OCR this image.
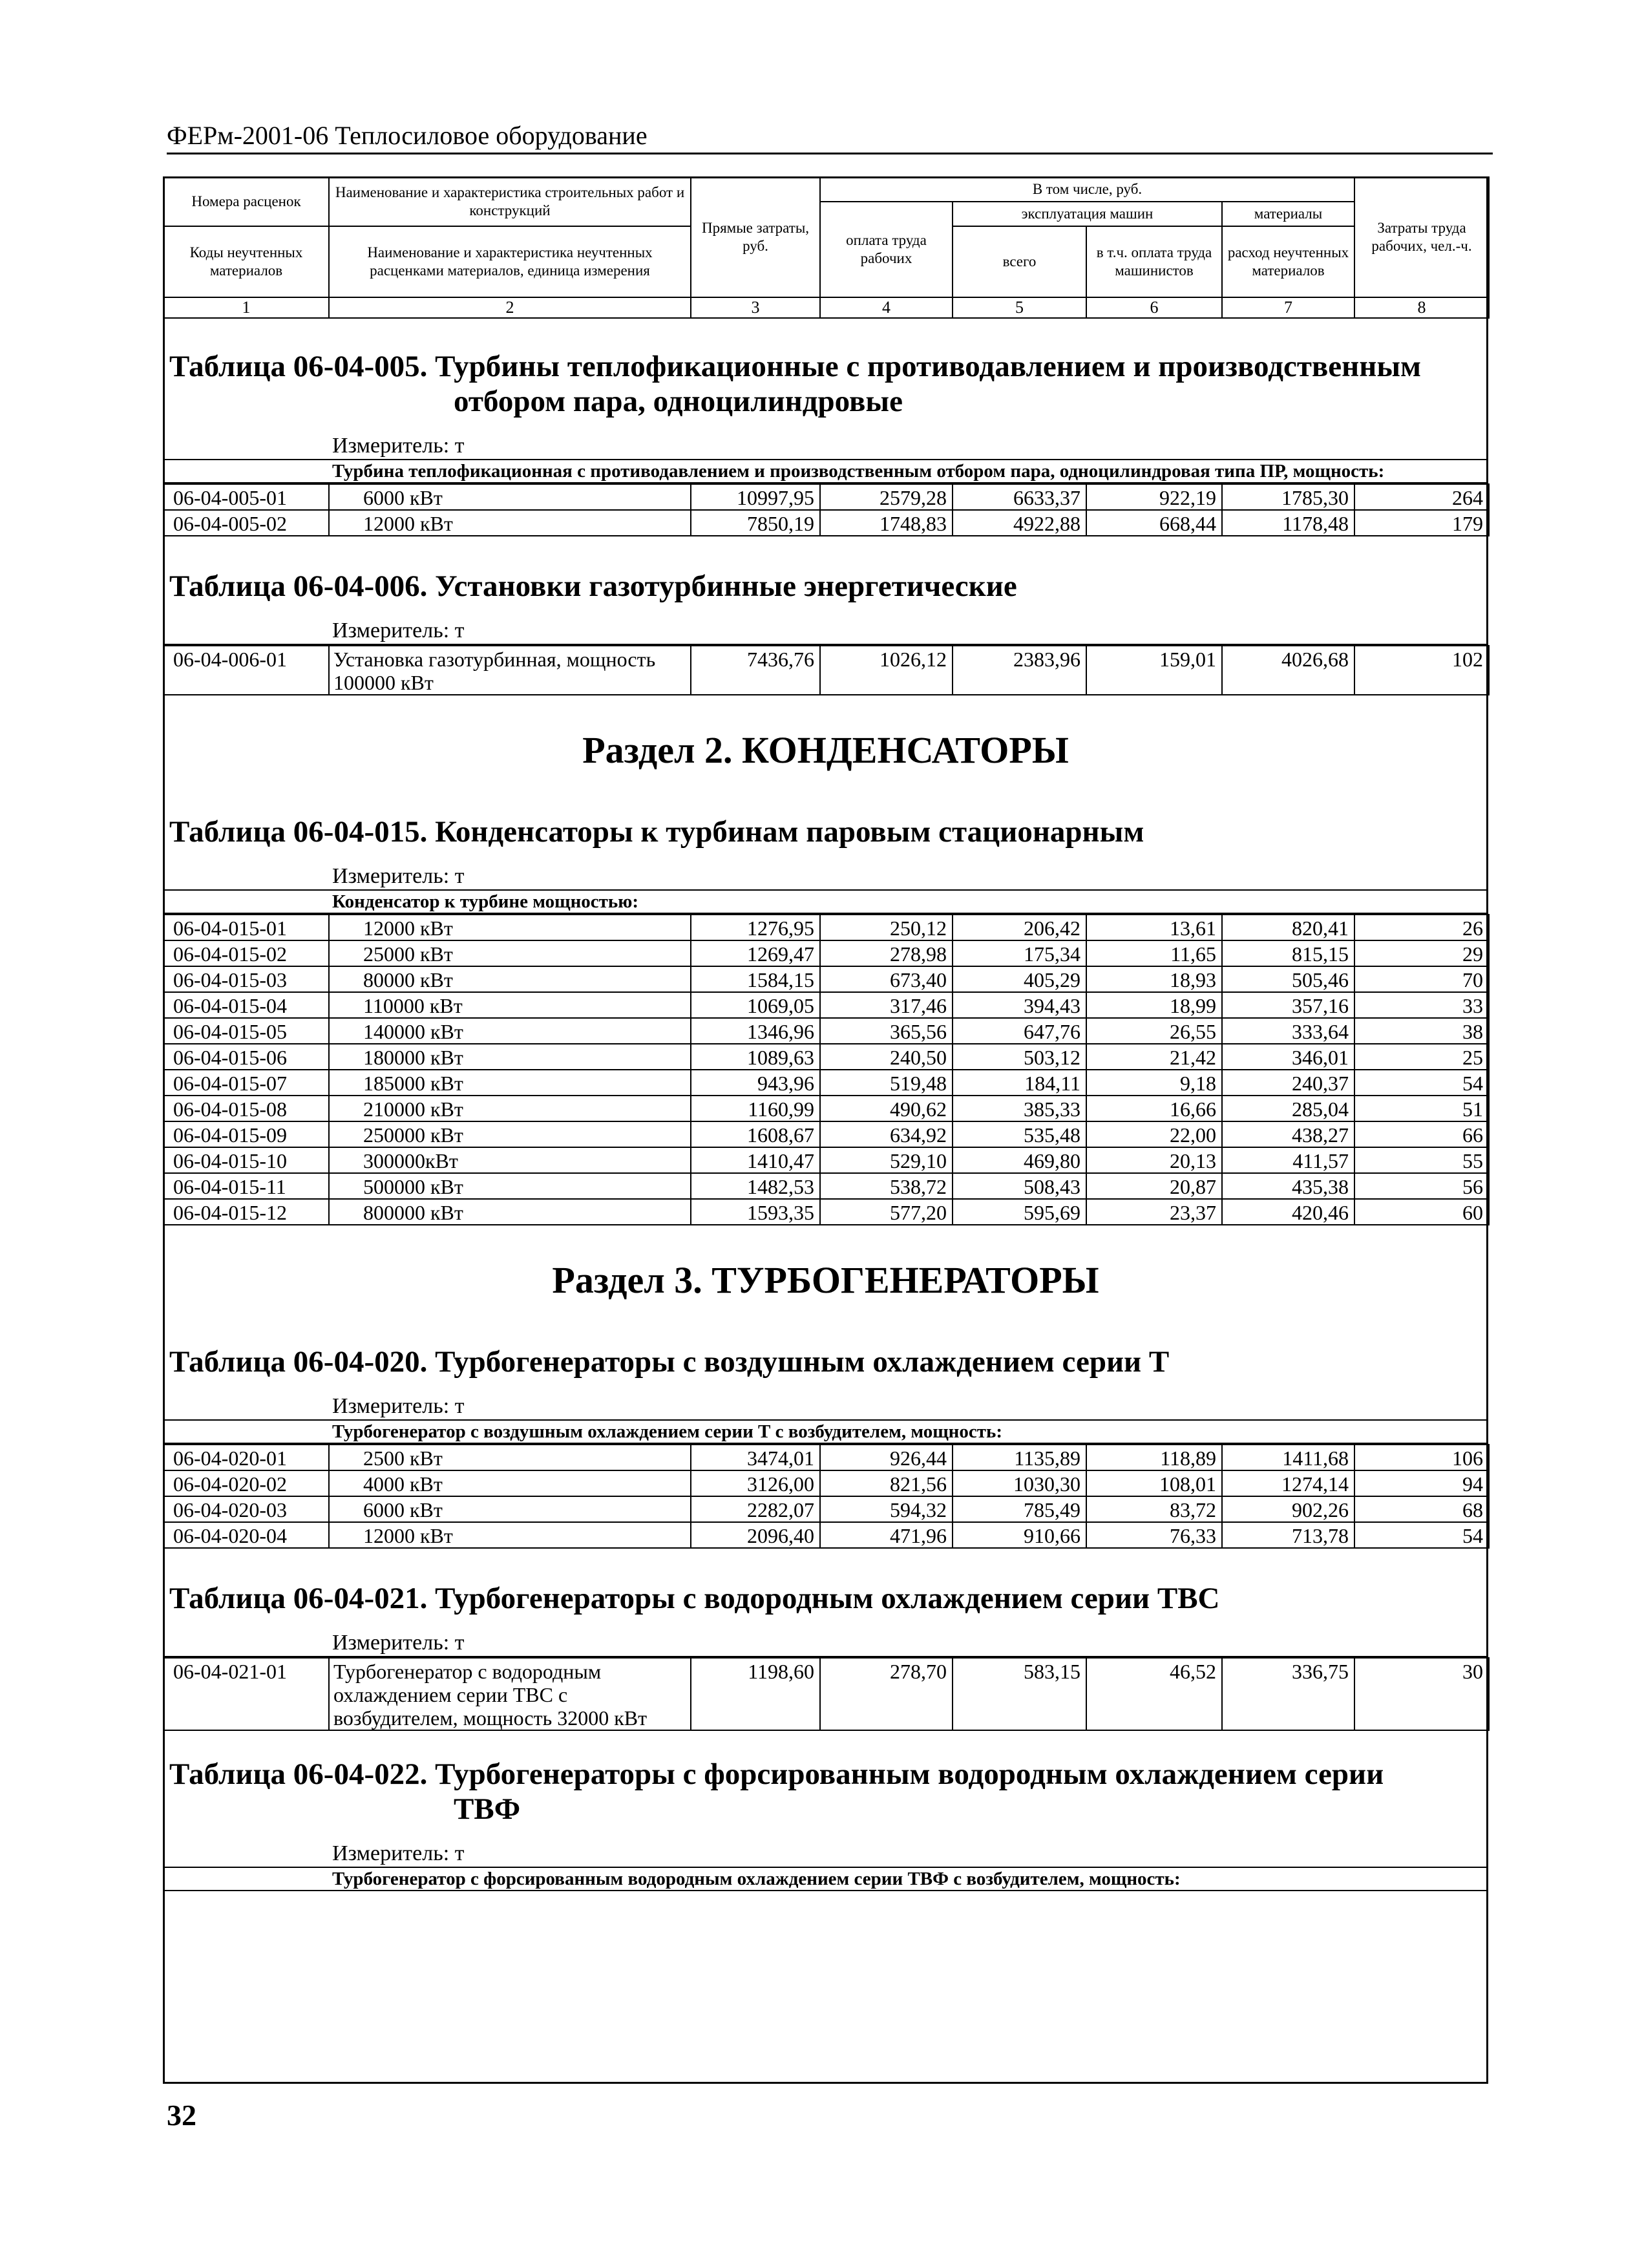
ФЕРм-2001-06 Теплосиловое оборудование
Номера расценок	Наименование и характеристика строительных работ и конструкций	Прямые затраты, руб.	В том числе, руб.				Затраты труда рабочих, чел.-ч.
			оплата труда рабочих	эксплуатация машин		материалы	
Коды неучтенных материалов	Наименование и характеристика неучтенных расценками материалов, единица измерения			всего	в т.ч. оплата труда машинистов	расход неучтенных материалов	

1	2	3	4	5	6	7	8
Таблица 06-04-005. Турбины теплофикационные с противодавлением и производственным
отбором пара, одноцилиндровые
Измеритель: т
Турбина теплофикационная с противодавлением и производственным отбором пара, одноцилиндровая типа ПР, мощность:
06-04-005-01	6000 кВт	10997,95	2579,28	6633,37	922,19	1785,30	264
06-04-005-02	12000 кВт	7850,19	1748,83	4922,88	668,44	1178,48	179
Таблица 06-04-006. Установки газотурбинные энергетические
Измеритель: т
06-04-006-01	Установка газотурбинная, мощность 100000 кВт	7436,76	1026,12	2383,96	159,01	4026,68	102
Раздел 2. КОНДЕНСАТОРЫ
Таблица 06-04-015. Конденсаторы к турбинам паровым стационарным
Измеритель: т
Конденсатор к турбине мощностью:
06-04-015-01	12000 кВт	1276,95	250,12	206,42	13,61	820,41	26
06-04-015-02	25000 кВт	1269,47	278,98	175,34	11,65	815,15	29
06-04-015-03	80000 кВт	1584,15	673,40	405,29	18,93	505,46	70
06-04-015-04	110000 кВт	1069,05	317,46	394,43	18,99	357,16	33
06-04-015-05	140000 кВт	1346,96	365,56	647,76	26,55	333,64	38
06-04-015-06	180000 кВт	1089,63	240,50	503,12	21,42	346,01	25
06-04-015-07	185000 кВт	943,96	519,48	184,11	9,18	240,37	54
06-04-015-08	210000 кВт	1160,99	490,62	385,33	16,66	285,04	51
06-04-015-09	250000 кВт	1608,67	634,92	535,48	22,00	438,27	66
06-04-015-10	300000кВт	1410,47	529,10	469,80	20,13	411,57	55
06-04-015-11	500000 кВт	1482,53	538,72	508,43	20,87	435,38	56
06-04-015-12	800000 кВт	1593,35	577,20	595,69	23,37	420,46	60
Раздел 3. ТУРБОГЕНЕРАТОРЫ
Таблица 06-04-020. Турбогенераторы с воздушным охлаждением серии Т
Измеритель: т
Турбогенератор с воздушным охлаждением серии Т с возбудителем, мощность:
06-04-020-01	2500 кВт	3474,01	926,44	1135,89	118,89	1411,68	106
06-04-020-02	4000 кВт	3126,00	821,56	1030,30	108,01	1274,14	94
06-04-020-03	6000 кВт	2282,07	594,32	785,49	83,72	902,26	68
06-04-020-04	12000 кВт	2096,40	471,96	910,66	76,33	713,78	54
Таблица 06-04-021. Турбогенераторы с водородным охлаждением серии ТВС
Измеритель: т
06-04-021-01	Турбогенератор с водородным охлаждением серии ТВС с возбудителем, мощность 32000 кВт	1198,60	278,70	583,15	46,52	336,75	30
Таблица 06-04-022. Турбогенераторы с форсированным водородным охлаждением серии
ТВФ
Измеритель: т
Турбогенератор с форсированным водородным охлаждением серии ТВФ с возбудителем, мощность:
32
